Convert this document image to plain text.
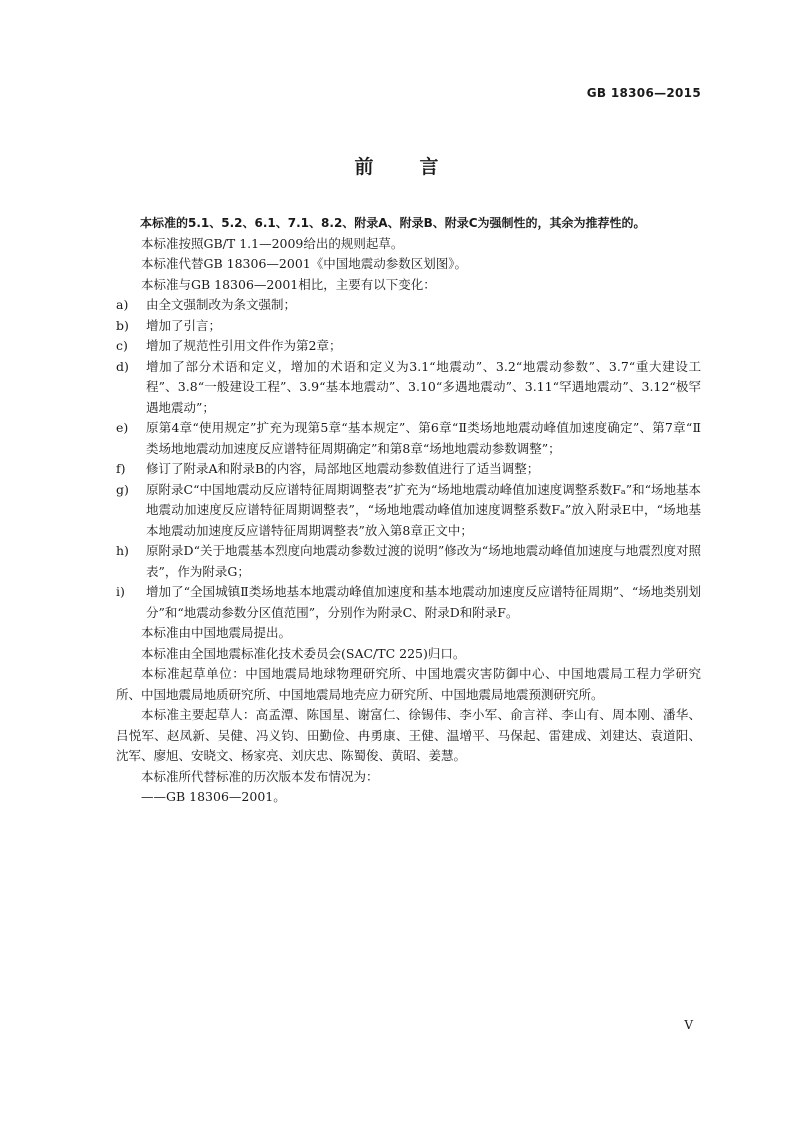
GB 18306—2015
前言

本标准的5.1、5.2、6.1、7.1、8.2、附录A、附录B、附录C为强制性的，其余为推荐性的。

本标准按照GB/T 1.1—2009给出的规则起草。

本标准代替GB 18306—2001《中国地震动参数区划图》。

本标准与GB 18306—2001相比，主要有以下变化：

a) 由全文强制改为条文强制；
b) 增加了引言；
c) 增加了规范性引用文件作为第2章；
d) 增加了部分术语和定义，增加的术语和定义为3.1“地震动”、3.2“地震动参数”、3.7“重大建设工程”、3.8“一般建设工程”、3.9“基本地震动”、3.10“多遇地震动”、3.11“罕遇地震动”、3.12“极罕遇地震动”；
e) 原第4章“使用规定”扩充为现第5章“基本规定”、第6章“Ⅱ类场地地震动峰值加速度确定”、第7章“Ⅱ类场地地震动加速度反应谱特征周期确定”和第8章“场地地震动参数调整”；
f) 修订了附录A和附录B的内容，局部地区地震动参数值进行了适当调整；
g) 原附录C“中国地震动反应谱特征周期调整表”扩充为“场地地震动峰值加速度调整系数Fₐ”和“场地基本地震动加速度反应谱特征周期调整表”，“场地地震动峰值加速度调整系数Fₐ”放入附录E中，“场地基本地震动加速度反应谱特征周期调整表”放入第8章正文中；
h) 原附录D“关于地震基本烈度向地震动参数过渡的说明”修改为“场地地震动峰值加速度与地震烈度对照表”，作为附录G；
i) 增加了“全国城镇Ⅱ类场地基本地震动峰值加速度和基本地震动加速度反应谱特征周期”、“场地类别划分”和“地震动参数分区值范围”，分别作为附录C、附录D和附录F。

本标准由中国地震局提出。

本标准由全国地震标准化技术委员会(SAC/TC 225)归口。

本标准起草单位：中国地震局地球物理研究所、中国地震灾害防御中心、中国地震局工程力学研究所、中国地震局地质研究所、中国地震局地壳应力研究所、中国地震局地震预测研究所。

本标准主要起草人：高孟潭、陈国星、谢富仁、徐锡伟、李小军、俞言祥、李山有、周本刚、潘华、吕悦军、赵凤新、吴健、冯义钧、田勤俭、冉勇康、王健、温增平、马保起、雷建成、刘建达、袁道阳、沈军、廖旭、安晓文、杨家亮、刘庆忠、陈蜀俊、黄昭、姜慧。

本标准所代替标准的历次版本发布情况为：

——GB 18306—2001。

V
